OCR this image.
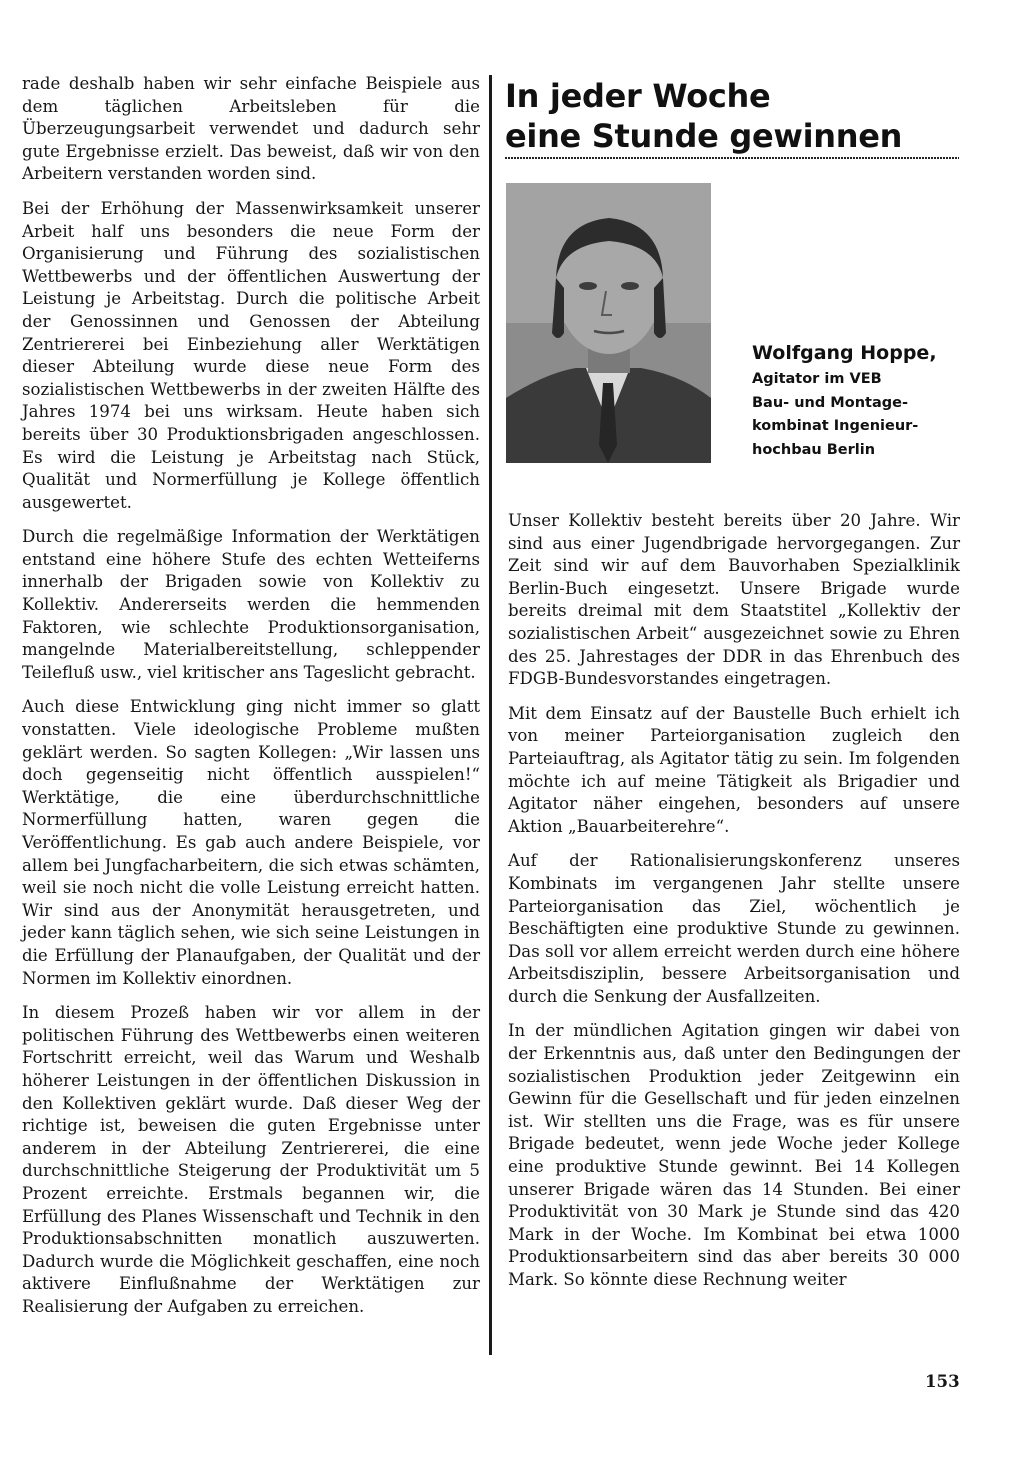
rade deshalb haben wir sehr einfache Beispiele aus dem täglichen Arbeitsleben für die Überzeugungsarbeit verwendet und dadurch sehr gute Ergebnisse erzielt. Das beweist, daß wir von den Arbeitern verstanden worden sind.

Bei der Erhöhung der Massenwirksamkeit unserer Arbeit half uns besonders die neue Form der Organisierung und Führung des sozialistischen Wettbewerbs und der öffentlichen Auswertung der Leistung je Arbeitstag. Durch die politische Arbeit der Genossinnen und Genossen der Abteilung Zentriererei bei Einbeziehung aller Werktätigen dieser Abteilung wurde diese neue Form des sozialistischen Wettbewerbs in der zweiten Hälfte des Jahres 1974 bei uns wirksam. Heute haben sich bereits über 30 Produktionsbrigaden angeschlossen. Es wird die Leistung je Arbeitstag nach Stück, Qualität und Normerfüllung je Kollege öffentlich ausgewertet.

Durch die regelmäßige Information der Werktätigen entstand eine höhere Stufe des echten Wetteiferns innerhalb der Brigaden sowie von Kollektiv zu Kollektiv. Andererseits werden die hemmenden Faktoren, wie schlechte Produktionsorganisation, mangelnde Materialbereitstellung, schleppender Teilefluß usw., viel kritischer ans Tageslicht gebracht.

Auch diese Entwicklung ging nicht immer so glatt vonstatten. Viele ideologische Probleme mußten geklärt werden. So sagten Kollegen: „Wir lassen uns doch gegenseitig nicht öffentlich ausspielen!“ Werktätige, die eine überdurchschnittliche Normerfüllung hatten, waren gegen die Veröffentlichung. Es gab auch andere Beispiele, vor allem bei Jungfacharbeitern, die sich etwas schämten, weil sie noch nicht die volle Leistung erreicht hatten. Wir sind aus der Anonymität herausgetreten, und jeder kann täglich sehen, wie sich seine Leistungen in die Erfüllung der Planaufgaben, der Qualität und der Normen im Kollektiv einordnen.

In diesem Prozeß haben wir vor allem in der politischen Führung des Wettbewerbs einen weiteren Fortschritt erreicht, weil das Warum und Weshalb höherer Leistungen in der öffentlichen Diskussion in den Kollektiven geklärt wurde. Daß dieser Weg der richtige ist, beweisen die guten Ergebnisse unter anderem in der Abteilung Zentriererei, die eine durchschnittliche Steigerung der Produktivität um 5 Prozent erreichte. Erstmals begannen wir, die Erfüllung des Planes Wissenschaft und Technik in den Produktionsabschnitten monatlich auszuwerten. Dadurch wurde die Möglichkeit geschaffen, eine noch aktivere Einflußnahme der Werktätigen zur Realisierung der Aufgaben zu erreichen.

In jeder Woche
eine Stunde gewinnen
Wolfgang Hoppe,
Agitator im VEB
Bau- und Montage-
kombinat Ingenieur-
hochbau Berlin

Unser Kollektiv besteht bereits über 20 Jahre. Wir sind aus einer Jugendbrigade hervorgegangen. Zur Zeit sind wir auf dem Bauvorhaben Spezialklinik Berlin-Buch eingesetzt. Unsere Brigade wurde bereits dreimal mit dem Staatstitel „Kollektiv der sozialistischen Arbeit“ ausgezeichnet sowie zu Ehren des 25. Jahrestages der DDR in das Ehrenbuch des FDGB-Bundesvorstandes eingetragen.

Mit dem Einsatz auf der Baustelle Buch erhielt ich von meiner Parteiorganisation zugleich den Parteiauftrag, als Agitator tätig zu sein. Im folgenden möchte ich auf meine Tätigkeit als Brigadier und Agitator näher eingehen, besonders auf unsere Aktion „Bauarbeiterehre“.

Auf der Rationalisierungskonferenz unseres Kombinats im vergangenen Jahr stellte unsere Parteiorganisation das Ziel, wöchentlich je Beschäftigten eine produktive Stunde zu gewinnen. Das soll vor allem erreicht werden durch eine höhere Arbeitsdisziplin, bessere Arbeitsorganisation und durch die Senkung der Ausfallzeiten.

In der mündlichen Agitation gingen wir dabei von der Erkenntnis aus, daß unter den Bedingungen der sozialistischen Produktion jeder Zeitgewinn ein Gewinn für die Gesellschaft und für jeden einzelnen ist. Wir stellten uns die Frage, was es für unsere Brigade bedeutet, wenn jede Woche jeder Kollege eine produktive Stunde gewinnt. Bei 14 Kollegen unserer Brigade wären das 14 Stunden. Bei einer Produktivität von 30 Mark je Stunde sind das 420 Mark in der Woche. Im Kombinat bei etwa 1000 Produktionsarbeitern sind das aber bereits 30 000 Mark. So könnte diese Rechnung weiter

153
